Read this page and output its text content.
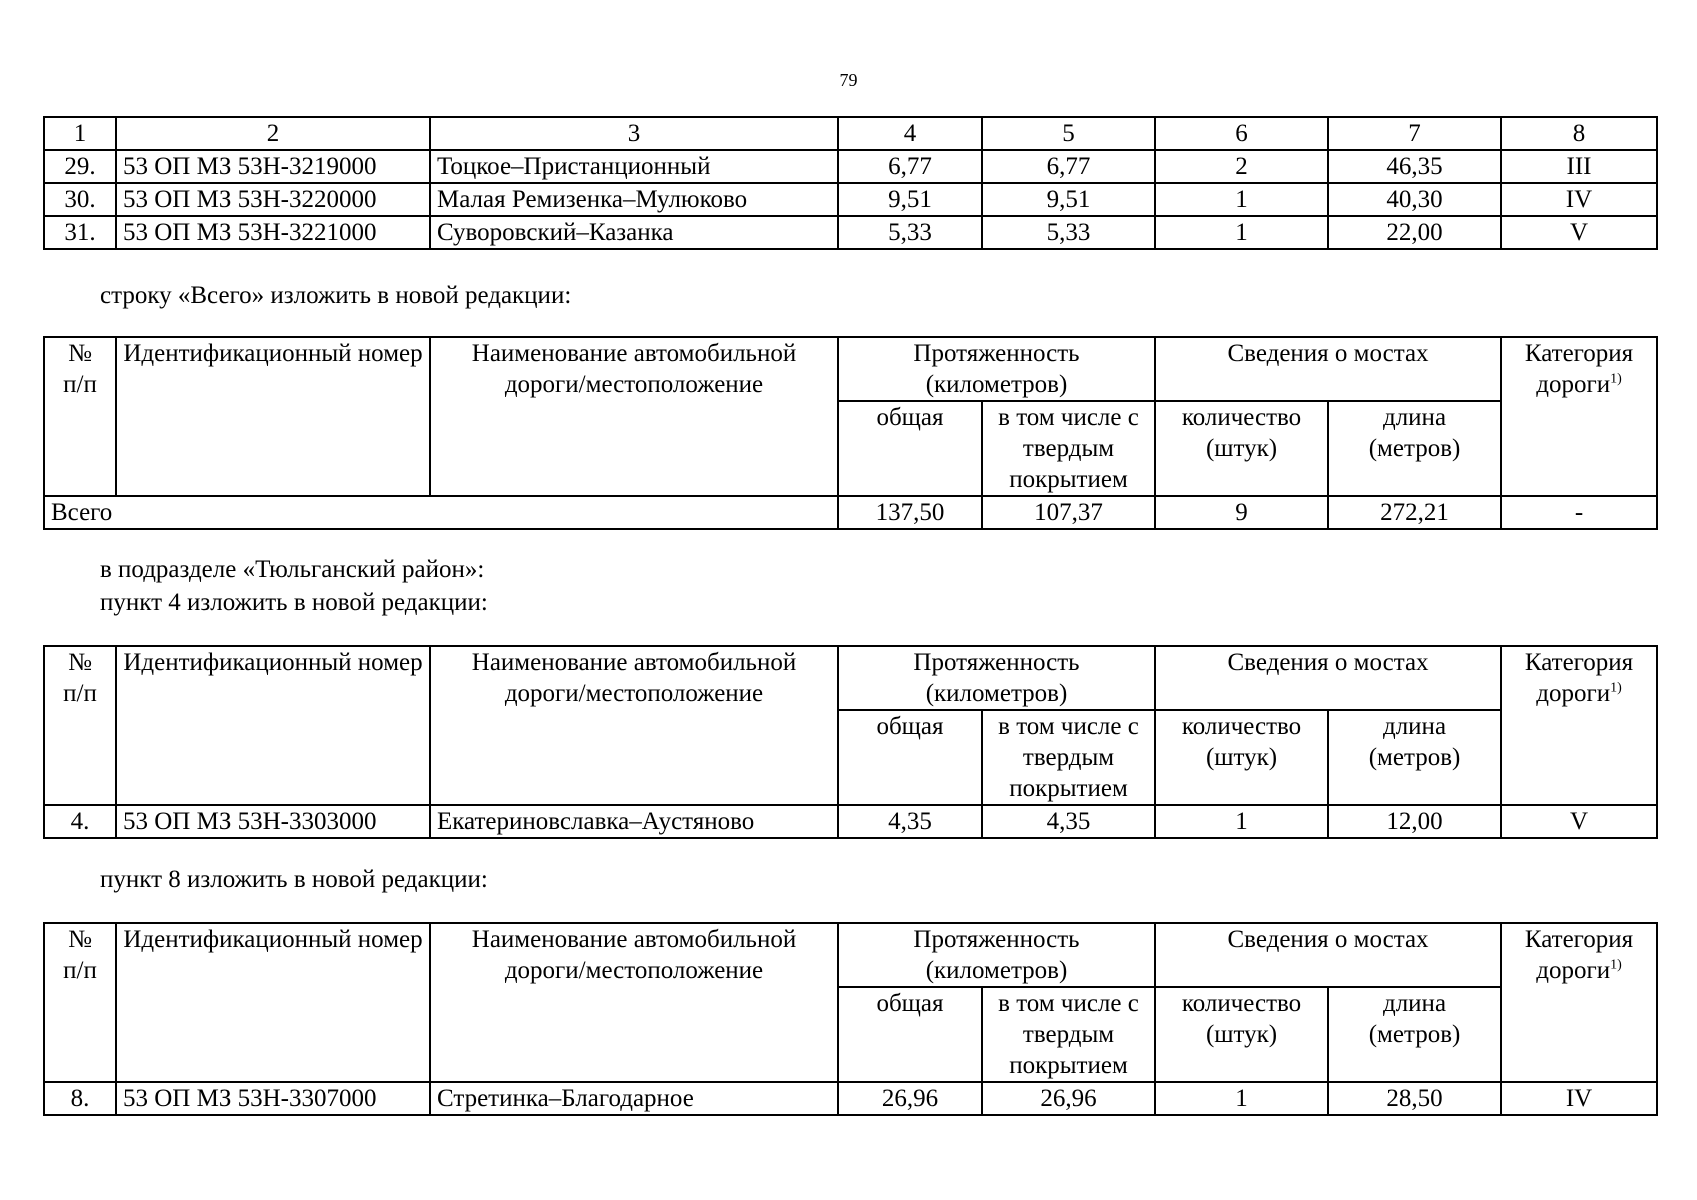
79
1	2	3	4	5	6	7	8
29.	53 ОП МЗ 53Н-3219000	Тоцкое–Пристанционный	6,77	6,77	2	46,35	III
30.	53 ОП МЗ 53Н-3220000	Малая Ремизенка–Мулюково	9,51	9,51	1	40,30	IV
31.	53 ОП МЗ 53Н-3221000	Суворовский–Казанка	5,33	5,33	1	22,00	V
строку «Всего» изложить в новой редакции:
№
п/п	Идентификационный номер	Наименование автомобильной дороги/местоположение	Протяженность (километров)		Сведения о мостах		Категория дороги$^{1)}$
			общая	в том числе с твердым покрытием	количество (штук)	длина (метров)	
Всего			137,50	107,37	9	272,21	-
в подразделе «Тюльганский район»:
пункт 4 изложить в новой редакции:
№
п/п	Идентификационный номер	Наименование автомобильной дороги/местоположение	Протяженность (километров)		Сведения о мостах		Категория дороги$^{1)}$
			общая	в том числе с твердым покрытием	количество (штук)	длина (метров)	
4.	53 ОП МЗ 53Н-3303000	Екатериновславка–Аустяново	4,35	4,35	1	12,00	V
пункт 8 изложить в новой редакции:
№
п/п	Идентификационный номер	Наименование автомобильной дороги/местоположение	Протяженность (километров)		Сведения о мостах		Категория дороги$^{1)}$
			общая	в том числе с твердым покрытием	количество (штук)	длина (метров)	
8.	53 ОП МЗ 53Н-3307000	Стретинка–Благодарное	26,96	26,96	1	28,50	IV
